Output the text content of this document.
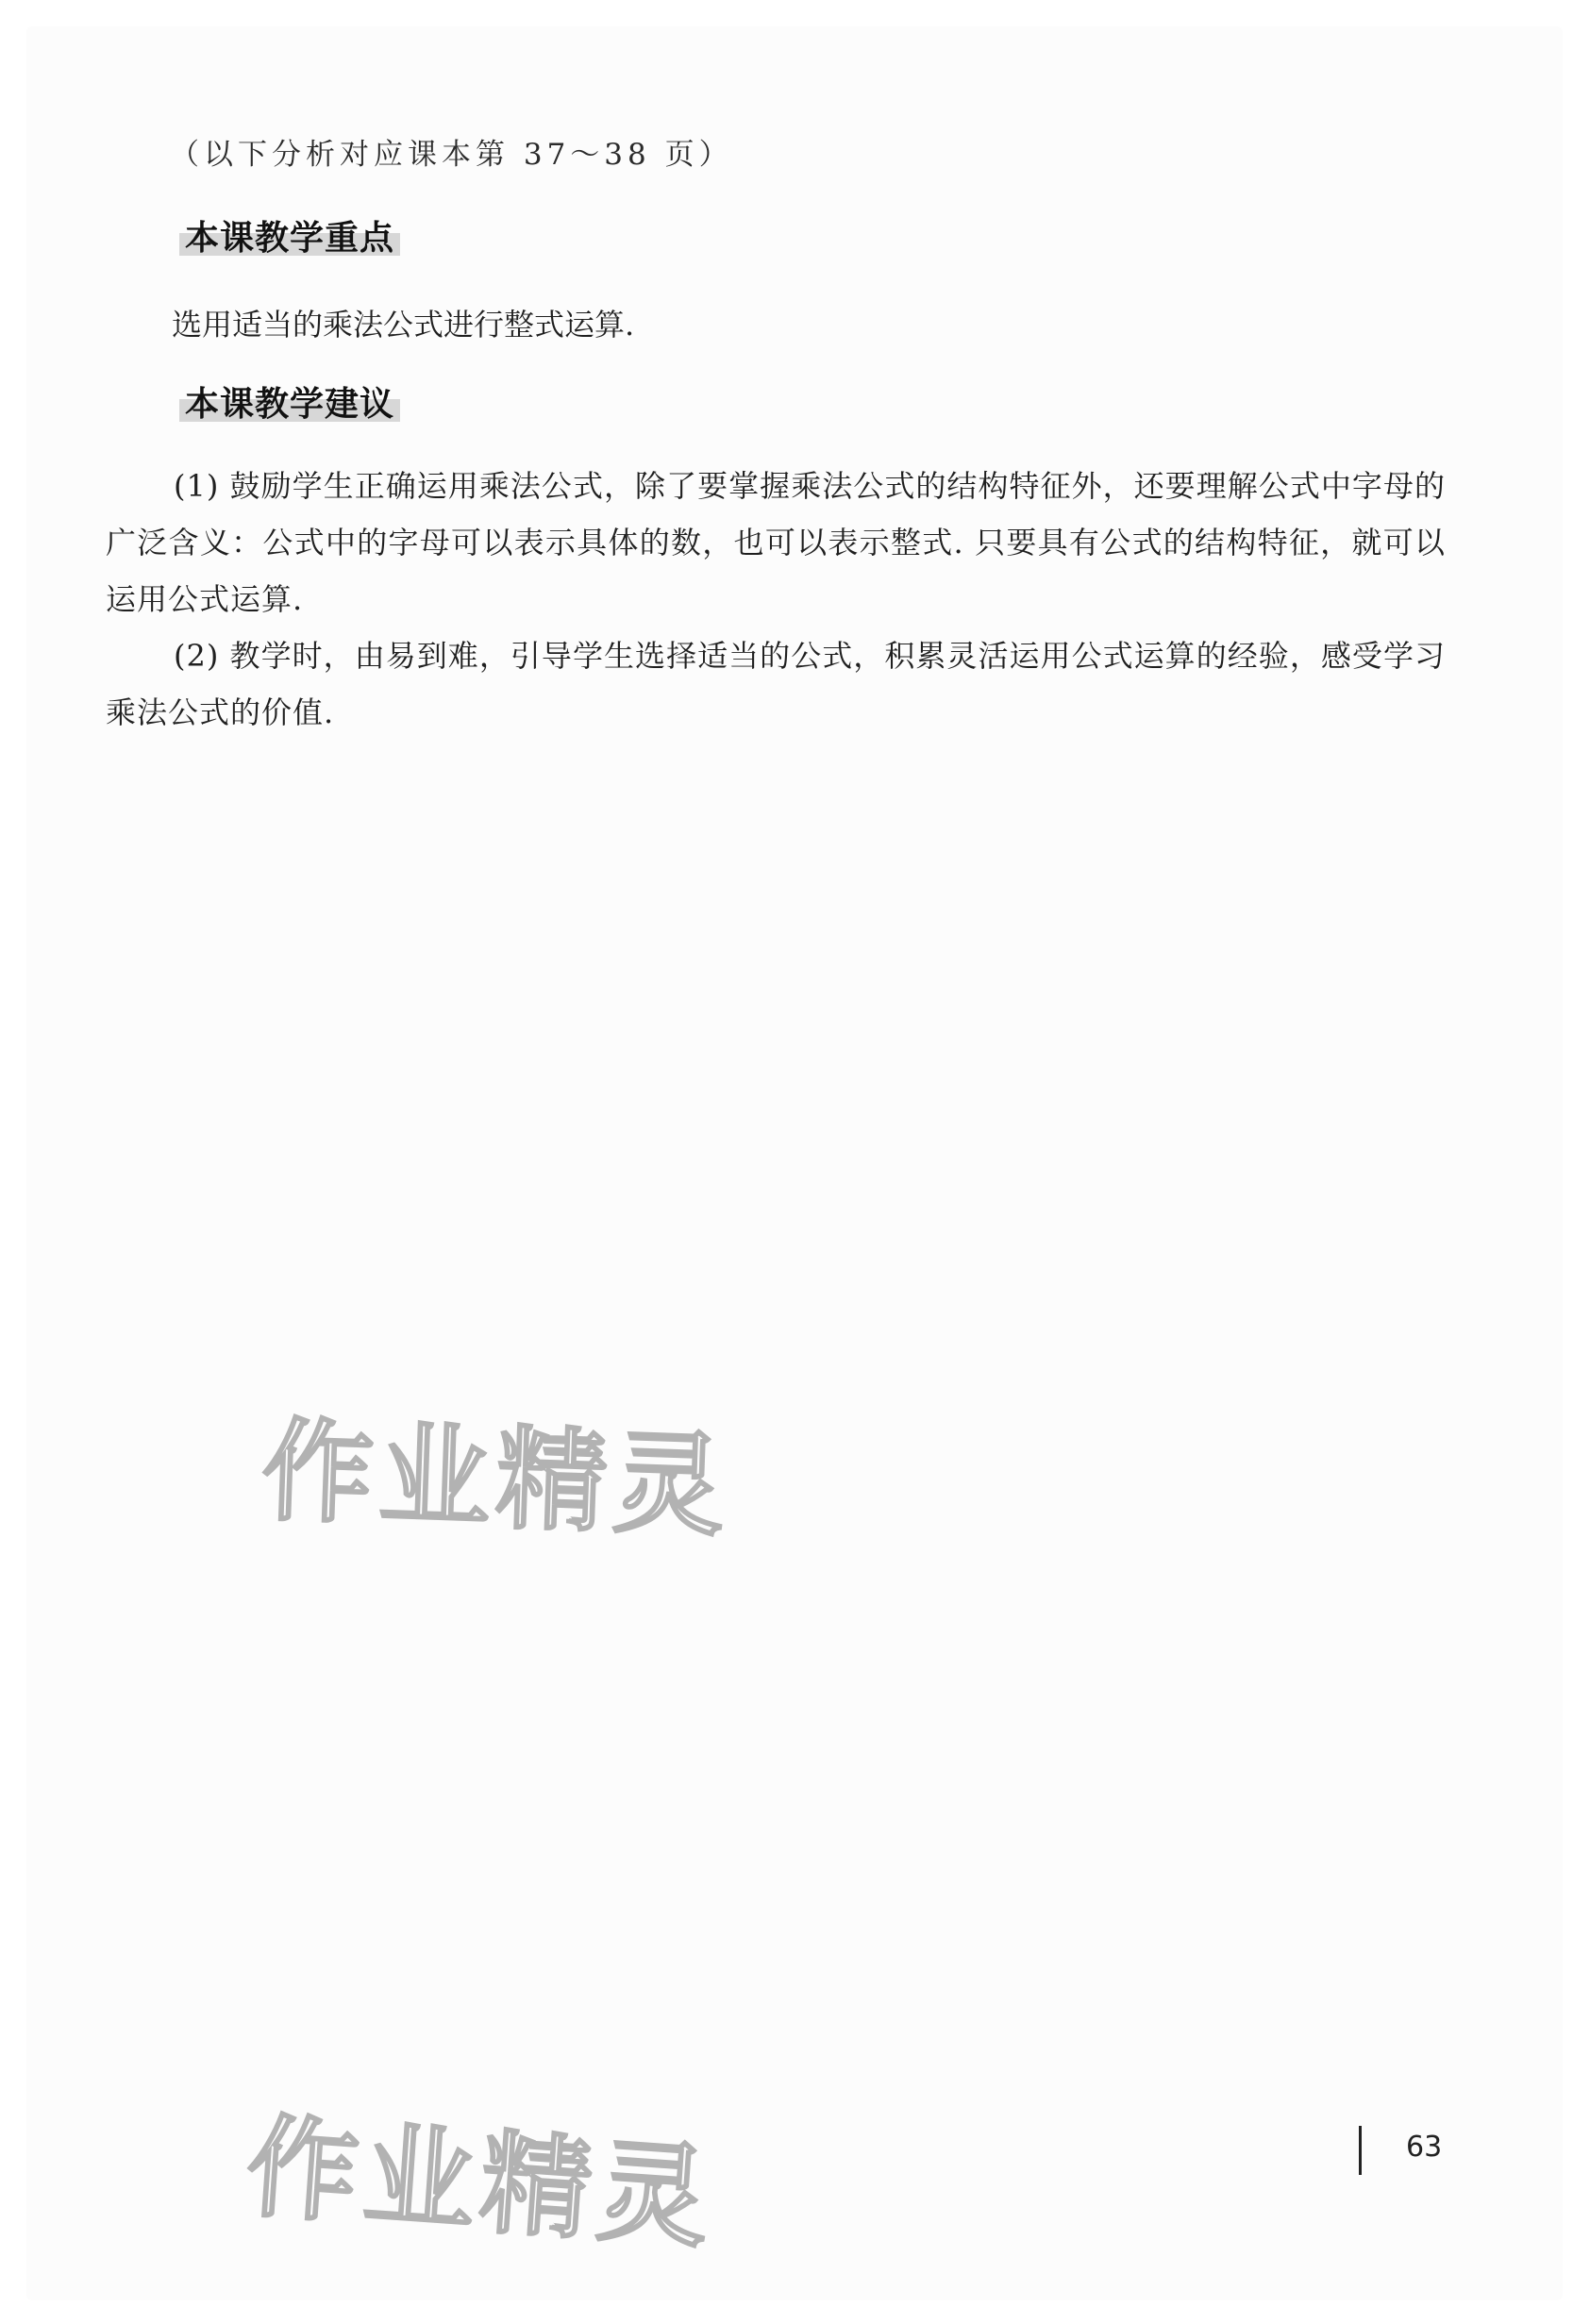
（以下分析对应课本第 37～38 页）
本课教学重点
选用适当的乘法公式进行整式运算.
本课教学建议
(1) 鼓励学生正确运用乘法公式，除了要掌握乘法公式的结构特征外，还要理解公式中字母的广泛含义：公式中的字母可以表示具体的数，也可以表示整式. 只要具有公式的结构特征，就可以运用公式运算.
(2) 教学时，由易到难，引导学生选择适当的公式，积累灵活运用公式运算的经验，感受学习乘法公式的价值.
作业精灵
作业精灵	63
